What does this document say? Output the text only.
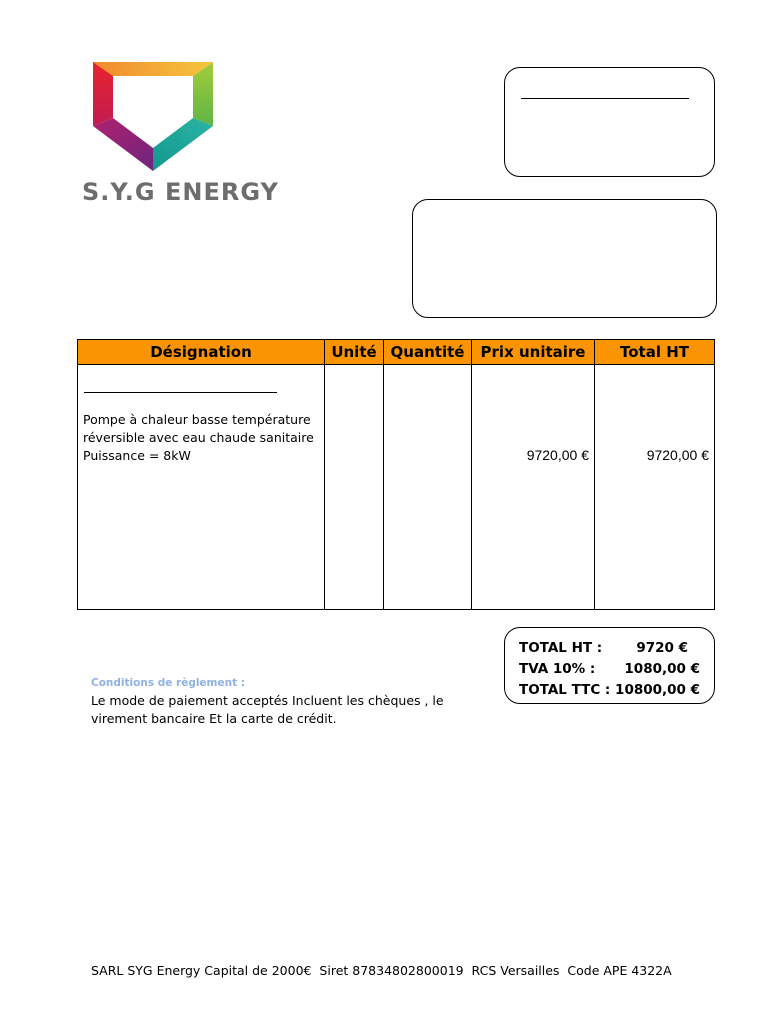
S.Y.G ENERGY
Désignation	Unité	Quantité	Prix unitaire	Total HT

Pompe à chaleur basse température
réversible avec eau chaude sanitaire
Puissance = 8kW			9720,00 €	9720,00 €
TOTAL HT :	9720 €
TVA 10% : 1080,00 €
TOTAL TTC : 10800,00 €
Conditions de règlement :
Le mode de paiement acceptés Incluent les chèques , le virement bancaire Et la carte de crédit.
SARL SYG Energy Capital de 2000€  Siret 87834802800019  RCS Versailles  Code APE 4322A
